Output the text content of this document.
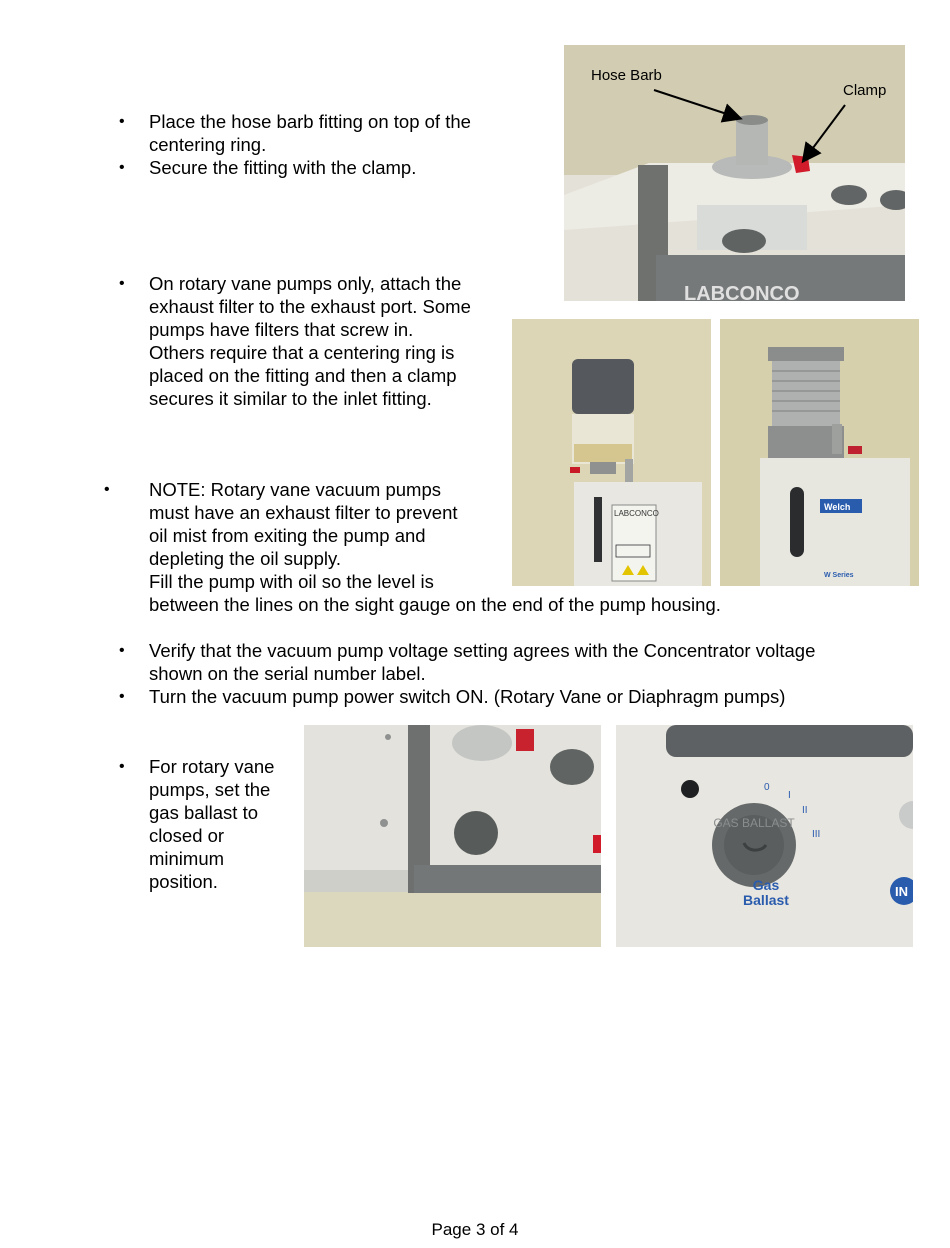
• Place the hose barb fitting on top of the
centering ring.
• Secure the fitting with the clamp.
LABCONCO
Hose Barb
Clamp
• On rotary vane pumps only, attach the
exhaust filter to the exhaust port. Some
pumps have filters that screw in.
Others require that a centering ring is
placed on the fitting and then a clamp
secures it similar to the inlet fitting.
LABCONCO
Welch
W Series
• NOTE: Rotary vane vacuum pumps
must have an exhaust filter to prevent
oil mist from exiting the pump and
depleting the oil supply.
Fill the pump with oil so the level is
between the lines on the sight gauge on the end of the pump housing.
• Verify that the vacuum pump voltage setting agrees with the Concentrator voltage
shown on the serial number label.
• Turn the vacuum pump power switch ON. (Rotary Vane or Diaphragm pumps)
• For rotary vane
pumps, set the
gas ballast to
closed or
minimum
position.
GAS BALLAST
0
I
II
III
Gas
Ballast
IN
Page 3 of 4
